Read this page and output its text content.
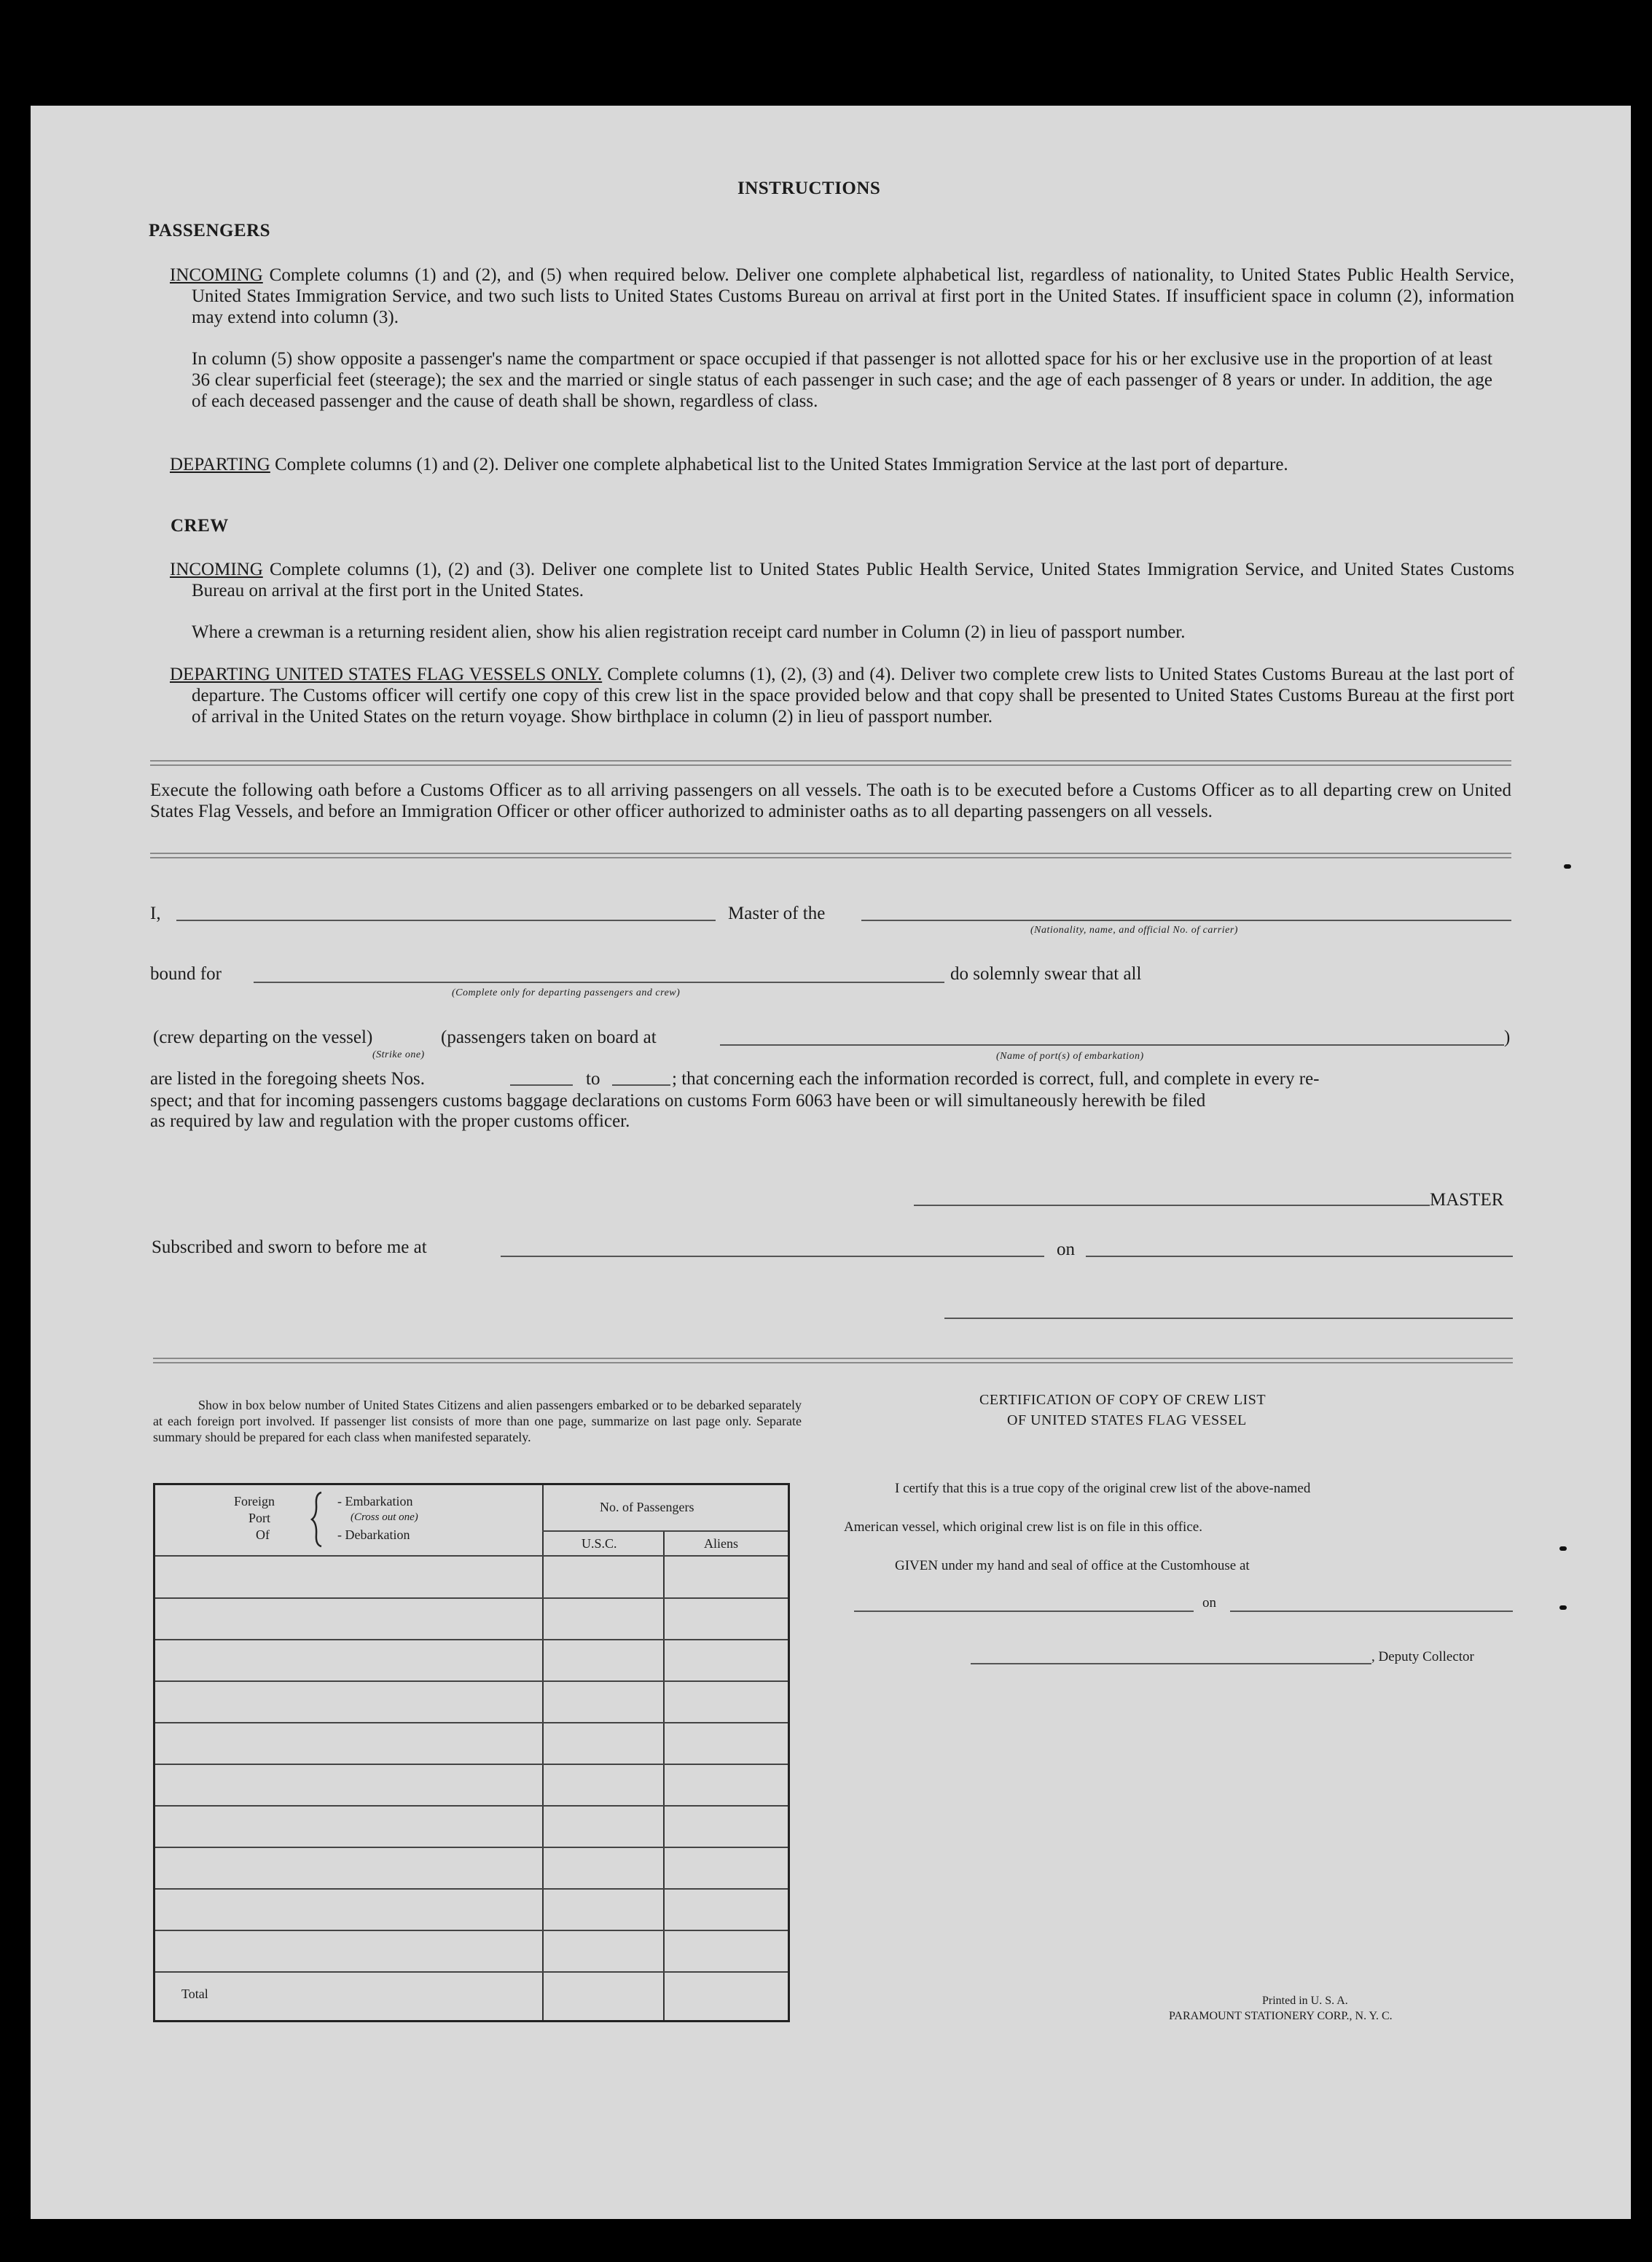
INSTRUCTIONS
PASSENGERS
INCOMING Complete columns (1) and (2), and (5) when required below. Deliver one complete alphabetical list, regardless of nationality, to United States Public Health Service, United States Immigration Service, and two such lists to United States Customs Bureau on arrival at first port in the United States. If insufficient space in column (2), information may extend into column (3).
In column (5) show opposite a passenger's name the compartment or space occupied if that passenger is not allotted space for his or her exclusive use in the proportion of at least 36 clear superficial feet (steerage); the sex and the married or single status of each passenger in such case; and the age of each passenger of 8 years or under. In addition, the age of each deceased passenger and the cause of death shall be shown, regardless of class.
DEPARTING Complete columns (1) and (2). Deliver one complete alphabetical list to the United States Immigration Service at the last port of departure.
CREW
INCOMING Complete columns (1), (2) and (3). Deliver one complete list to United States Public Health Service, United States Immigration Service, and United States Customs Bureau on arrival at the first port in the United States.
Where a crewman is a returning resident alien, show his alien registration receipt card number in Column (2) in lieu of passport number.
DEPARTING UNITED STATES FLAG VESSELS ONLY. Complete columns (1), (2), (3) and (4). Deliver two complete crew lists to United States Customs Bureau at the last port of departure. The Customs officer will certify one copy of this crew list in the space provided below and that copy shall be presented to United States Customs Bureau at the first port of arrival in the United States on the return voyage. Show birthplace in column (2) in lieu of passport number.
Execute the following oath before a Customs Officer as to all arriving passengers on all vessels. The oath is to be executed before a Customs Officer as to all departing crew on United States Flag Vessels, and before an Immigration Officer or other officer authorized to administer oaths as to all departing passengers on all vessels.
I,	Master of the
(Nationality, name, and official No. of carrier)
bound for
(Complete only for departing passengers and crew)
do solemnly swear that all
(crew departing on the vessel)	(passengers taken on board at	)
(Strike one)	(Name of port(s) of embarkation)
are listed in the foregoing sheets Nos.	to	; that concerning each the information recorded is correct, full, and complete in every re-
spect; and that for incoming passengers customs baggage declarations on customs Form 6063 have been or will simultaneously herewith be filed
as required by law and regulation with the proper customs officer.
MASTER
Subscribed and sworn to before me at	on
Show in box below number of United States Citizens and alien passengers embarked or to be debarked separately at each foreign port involved. If passenger list consists of more than one page, summarize on last page only. Separate summary should be prepared for each class when manifested separately.
Foreign
Port
Of
- Embarkation
(Cross out one)
- Debarkation
No. of Passengers
U.S.C.	Aliens
Total
CERTIFICATION OF COPY OF CREW LIST
OF UNITED STATES FLAG VESSEL
I certify that this is a true copy of the original crew list of the above-named
American vessel, which original crew list is on file in this office.
GIVEN under my hand and seal of office at the Customhouse at
on
, Deputy Collector
Printed in U. S. A.
PARAMOUNT STATIONERY CORP., N. Y. C.
